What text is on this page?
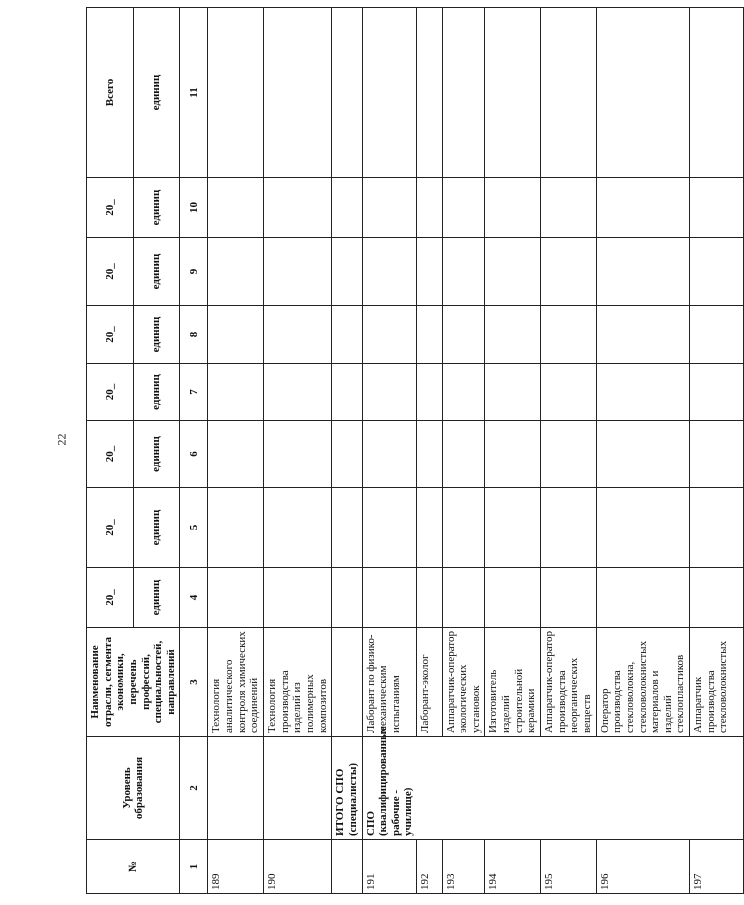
22
№	Уровень образования	Наименование отрасли, сегмента экономики, перечень профессий, специальностей, направлений	20_	20_	20_	20_	20_	20_	20_	Всего
			единиц	единиц	единиц	единиц	единиц	единиц	единиц	единиц
1	2	3	4	5	6	7	8	9	10	11
189		Технология аналитического контроля химических соединений								
190		Технология производства изделий из полимерных композитов								
	ИТОГО СПО (специалисты)									
191	СПО (квалифицированные рабочие - училище)	Лаборант по физико-механическим испытаниям								
192		Лаборант-эколог								
193		Аппаратчик-оператор экологических установок								
194		Изготовитель изделий строительной керамики								
195		Аппаратчик-оператор производства неорганических веществ								
196		Оператор производства стекловолокна, стекловолокнистых материалов и изделий стеклопластиков								
197		Аппаратчик производства стекловолокнистых								
